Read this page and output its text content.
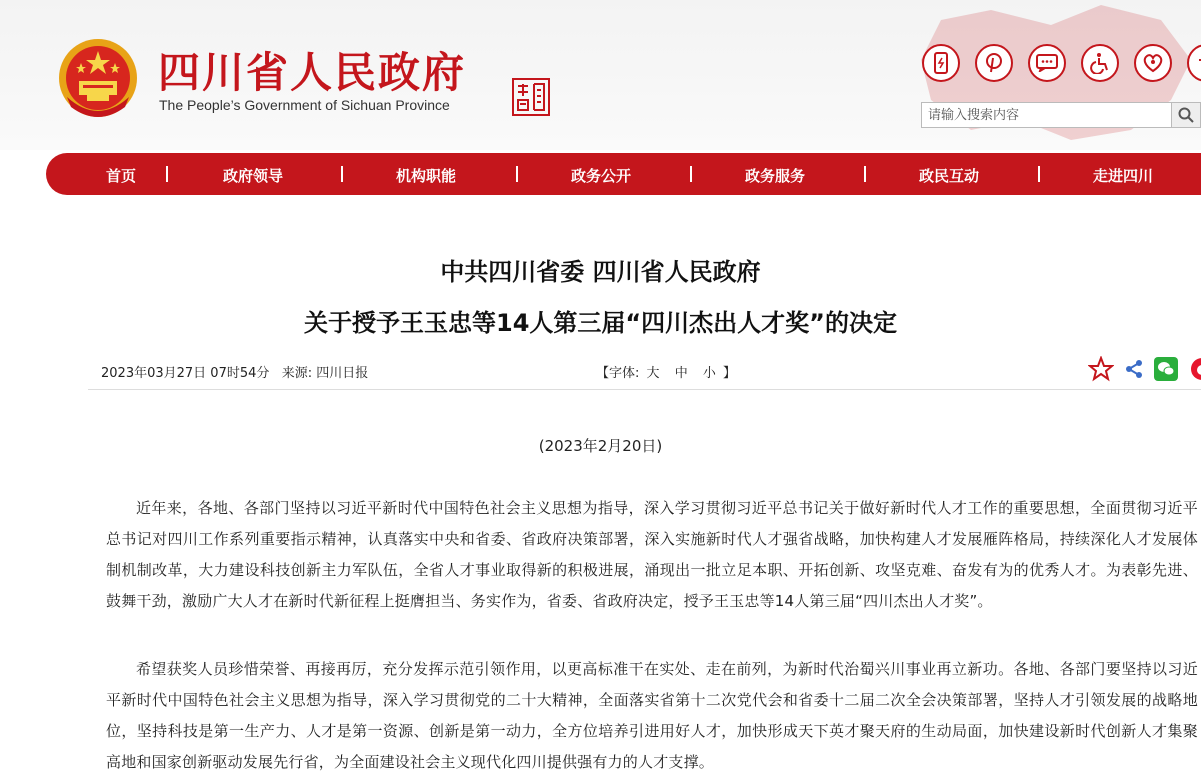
四川省人民政府
The People’s Government of Sichuan Province
请输入搜索内容
首页	政府领导	机构职能	政务公开	政务服务	政民互动	走进四川
中共四川省委 四川省人民政府
关于授予王玉忠等14人第三届“四川杰出人才奖”的决定
2023年03月27日 07时54分   来源: 四川日报	【字体: 大 中 小 】
(2023年2月20日)
近年来，各地、各部门坚持以习近平新时代中国特色社会主义思想为指导，深入学习贯彻习近平总书记关于做好新时代人才工作的重要思想，全面贯彻习近平总书记对四川工作系列重要指示精神，认真落实中央和省委、省政府决策部署，深入实施新时代人才强省战略，加快构建人才发展雁阵格局，持续深化人才发展体制机制改革，大力建设科技创新主力军队伍，全省人才事业取得新的积极进展，涌现出一批立足本职、开拓创新、攻坚克难、奋发有为的优秀人才。为表彰先进、鼓舞干劲，激励广大人才在新时代新征程上挺膺担当、务实作为，省委、省政府决定，授予王玉忠等14人第三届“四川杰出人才奖”。
希望获奖人员珍惜荣誉、再接再厉，充分发挥示范引领作用，以更高标准干在实处、走在前列，为新时代治蜀兴川事业再立新功。各地、各部门要坚持以习近平新时代中国特色社会主义思想为指导，深入学习贯彻党的二十大精神，全面落实省第十二次党代会和省委十二届二次全会决策部署，坚持人才引领发展的战略地位，坚持科技是第一生产力、人才是第一资源、创新是第一动力，全方位培养引进用好人才，加快形成天下英才聚天府的生动局面，加快建设新时代创新人才集聚高地和国家创新驱动发展先行省，为全面建设社会主义现代化四川提供强有力的人才支撑。
